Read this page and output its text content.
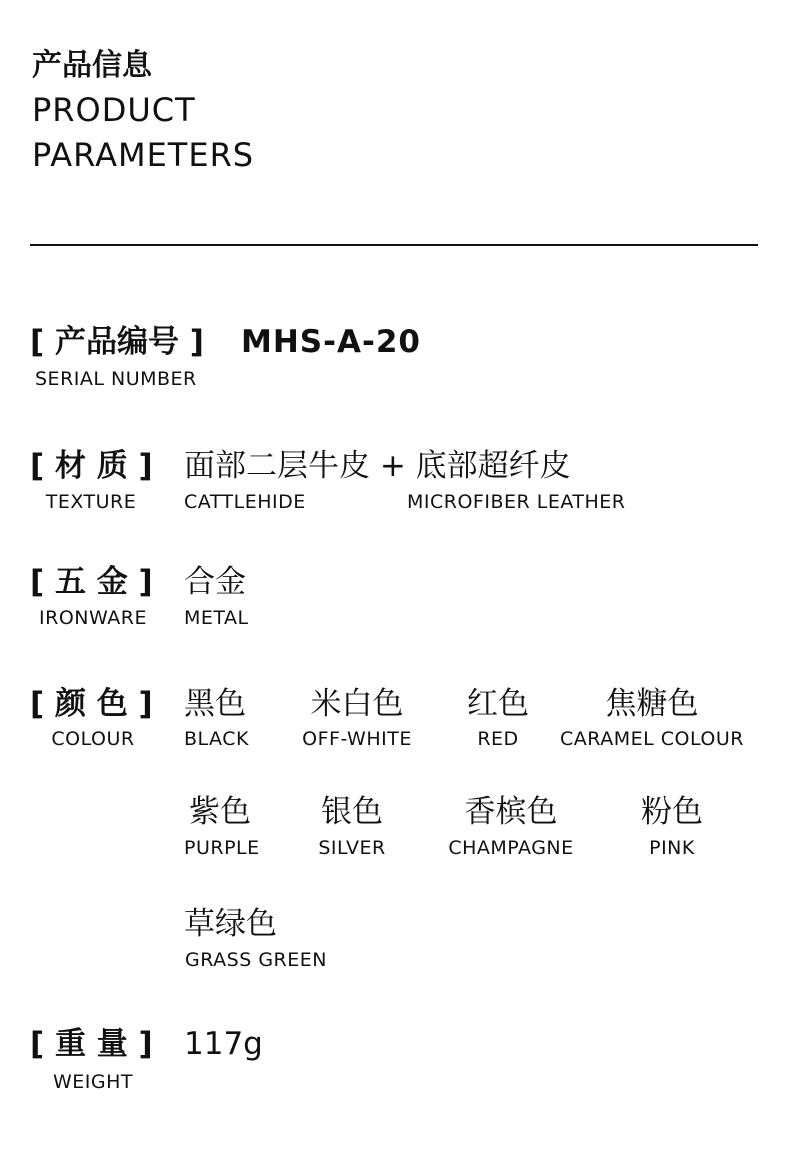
产品信息
PRODUCT
PARAMETERS
[ 产品编号 ] MHS-A-20
SERIAL NUMBER
[ 材 质 ]
TEXTURE
面部二层牛皮 + 底部超纤皮
CATTLEHIDE	MICROFIBER LEATHER
[ 五 金 ]
IRONWARE
合金
METAL
[ 颜 色 ]
COLOUR
黑色
BLACK
米白色
OFF-WHITE
红色
RED
焦糖色
CARAMEL COLOUR
紫色
PURPLE
银色
SILVER
香槟色
CHAMPAGNE
粉色
PINK
草绿色
GRASS GREEN
[ 重 量 ]
WEIGHT
117g
